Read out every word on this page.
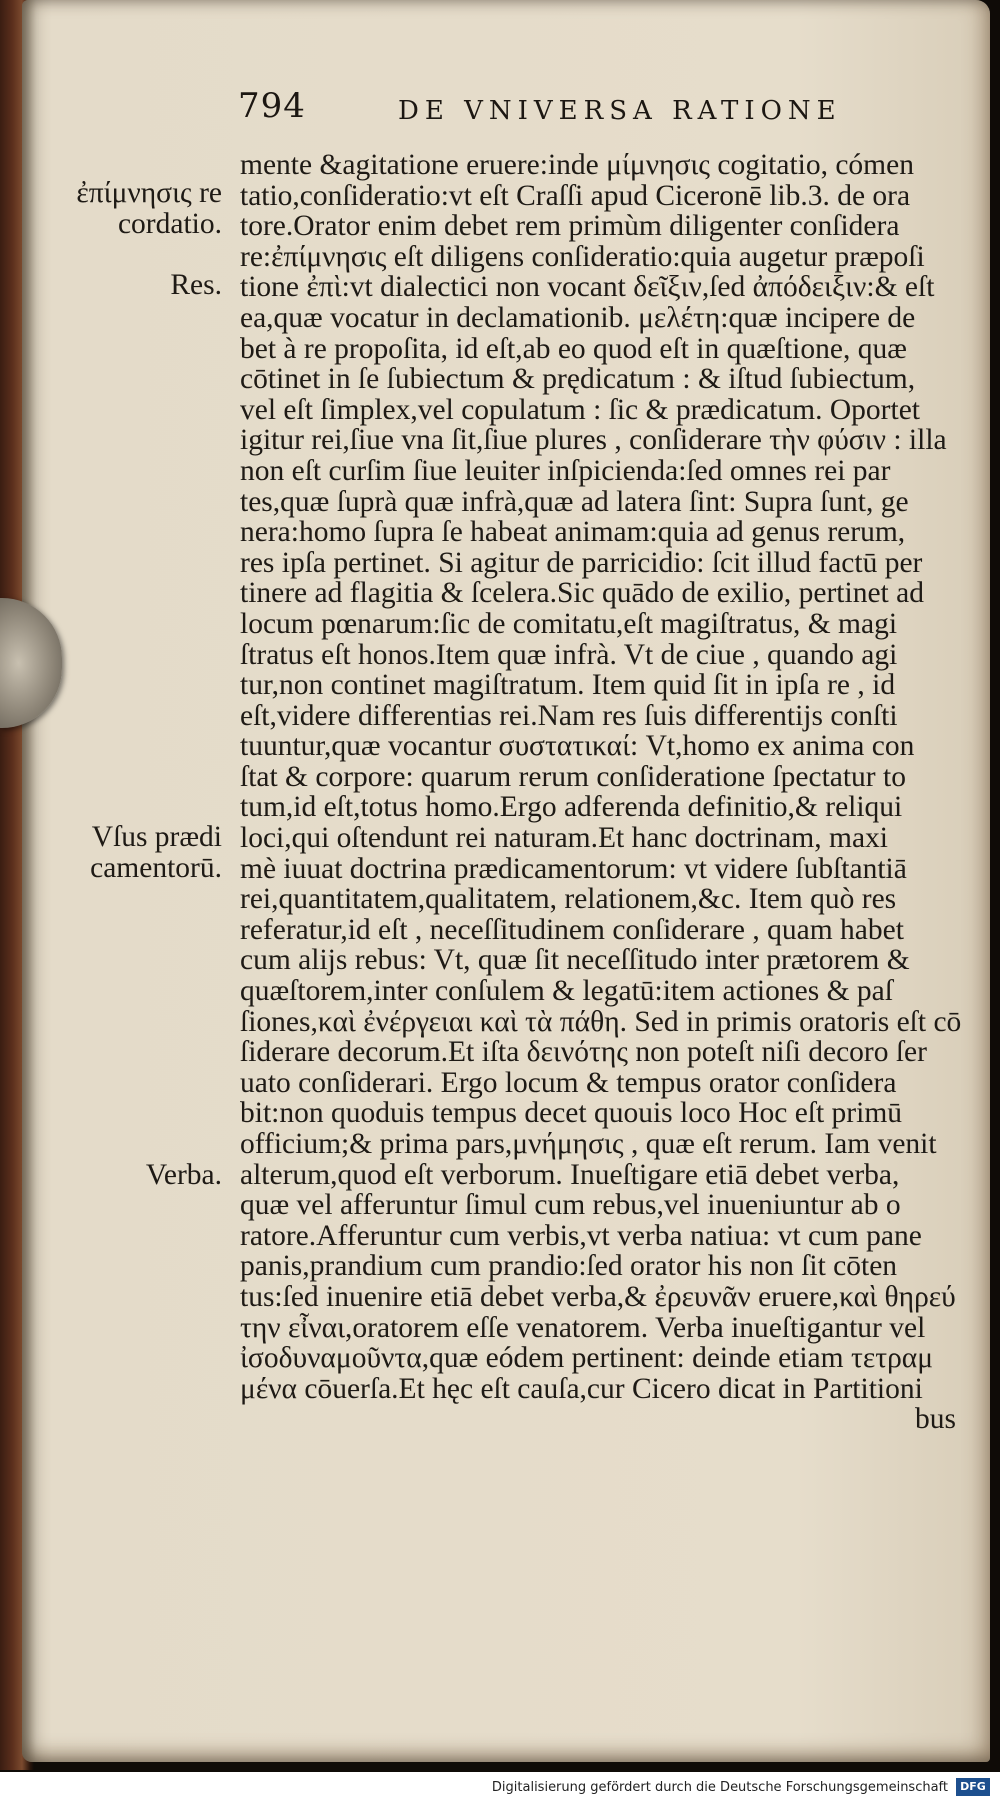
794	DE VNIVERSA RATIONE
ἐπίμνησις re
cordatio.
Res.
Vſus prædi
camentorū.
Verba.
mente &agitatione eruere:inde μίμνησις cogitatio, cómen
tatio,conſideratio:vt eſt Craſſi apud Ciceronē lib.3. de ora
tore.Orator enim debet rem primùm diligenter conſidera
re:ἐπίμνησις eſt diligens conſideratio:quia augetur præpoſi
tione ἐπὶ:vt dialectici non vocant δεῖξιν,ſed ἀπόδειξιν:& eſt
ea,quæ vocatur in declamationib. μελέτη:quæ incipere de
bet à re propoſita, id eſt,ab eo quod eſt in quæſtione, quæ
cōtinet in ſe ſubiectum & prędicatum : & iſtud ſubiectum,
vel eſt ſimplex,vel copulatum : ſic & prædicatum. Oportet
igitur rei,ſiue vna ſit,ſiue plures , conſiderare τὴν φύσιν : illa
non eſt curſim ſiue leuiter inſpicienda:ſed omnes rei par
tes,quæ ſuprà quæ infrà,quæ ad latera ſint: Supra ſunt, ge
nera:homo ſupra ſe habeat animam:quia ad genus rerum,
res ipſa pertinet. Si agitur de parricidio: ſcit illud factū per
tinere ad flagitia & ſcelera.Sic quādo de exilio, pertinet ad
locum pœnarum:ſic de comitatu,eſt magiſtratus, & magi
ſtratus eſt honos.Item quæ infrà. Vt de ciue , quando agi
tur,non continet magiſtratum. Item quid ſit in ipſa re , id
eſt,videre differentias rei.Nam res ſuis differentijs conſti
tuuntur,quæ vocantur συστατικαί: Vt,homo ex anima con
ſtat & corpore: quarum rerum conſideratione ſpectatur to
tum,id eſt,totus homo.Ergo adferenda definitio,& reliqui
loci,qui oſtendunt rei naturam.Et hanc doctrinam, maxi
mè iuuat doctrina prædicamentorum: vt videre ſubſtantiā
rei,quantitatem,qualitatem, relationem,&c. Item quò res
referatur,id eſt , neceſſitudinem conſiderare , quam habet
cum alijs rebus: Vt, quæ ſit neceſſitudo inter prætorem &
quæſtorem,inter conſulem & legatū:item actiones & paſ
ſiones,καὶ ἐνέργειαι καὶ τὰ πάθη. Sed in primis oratoris eſt cō
ſiderare decorum.Et iſta δεινότης non poteſt niſi decoro ſer
uato conſiderari. Ergo locum & tempus orator conſidera
bit:non quoduis tempus decet quouis loco Hoc eſt primū
officium;& prima pars,μνήμησις , quæ eſt rerum. Iam venit
alterum,quod eſt verborum. Inueſtigare etiā debet verba,
quæ vel afferuntur ſimul cum rebus,vel inueniuntur ab o
ratore.Afferuntur cum verbis,vt verba natiua: vt cum pane
panis,prandium cum prandio:ſed orator his non ſit cōten
tus:ſed inuenire etiā debet verba,& ἐρευνᾶν eruere,καὶ θηρεύ
την εἶναι,oratorem eſſe venatorem. Verba inueſtigantur vel
ἰσοδυναμοῦντα,quæ eódem pertinent: deinde etiam τετραμ
μένα cōuerſa.Et hęc eſt cauſa,cur Cicero dicat in Partitioni
bus
Digitalisierung gefördert durch die Deutsche Forschungsgemeinschaft	DFG
